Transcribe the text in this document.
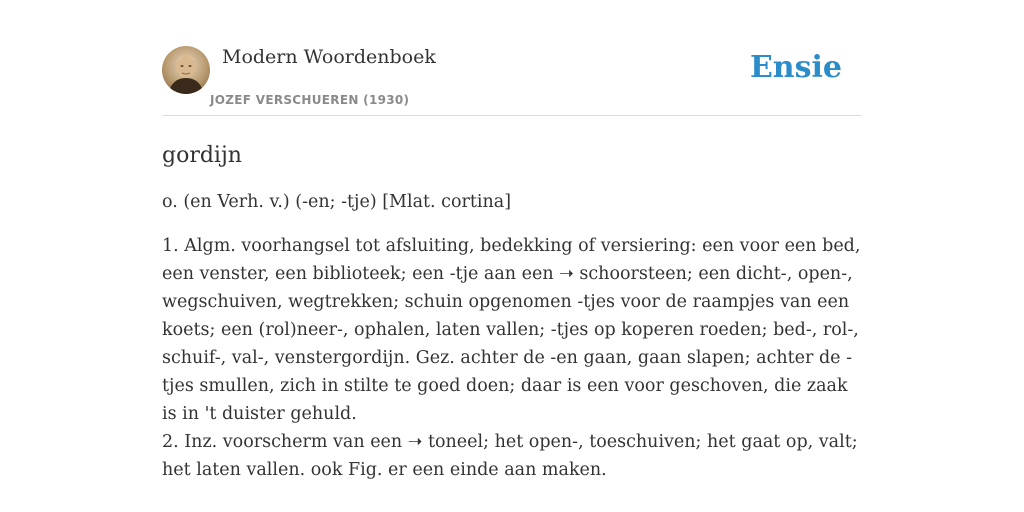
Modern Woordenboek
JOZEF VERSCHUEREN (1930)
Ensie
gordijn
o. (en Verh. v.) (-en; -tje) [Mlat. cortina]
1. Algm. voorhangsel tot afsluiting, bedekking of versiering: een voor een bed, een venster, een biblioteek; een -tje aan een ➝ schoorsteen; een dicht-, open-, wegschuiven, wegtrekken; schuin opgenomen -tjes voor de raampjes van een koets; een (rol)neer-, ophalen, laten vallen; -tjes op koperen roeden; bed-, rol-, schuif-, val-, venstergordijn. Gez. achter de -en gaan, gaan slapen; achter de -tjes smullen, zich in stilte te goed doen; daar is een voor geschoven, die zaak is in 't duister gehuld.
2. Inz. voorscherm van een ➝ toneel; het open-, toeschuiven; het gaat op, valt; het laten vallen. ook Fig. er een einde aan maken.
